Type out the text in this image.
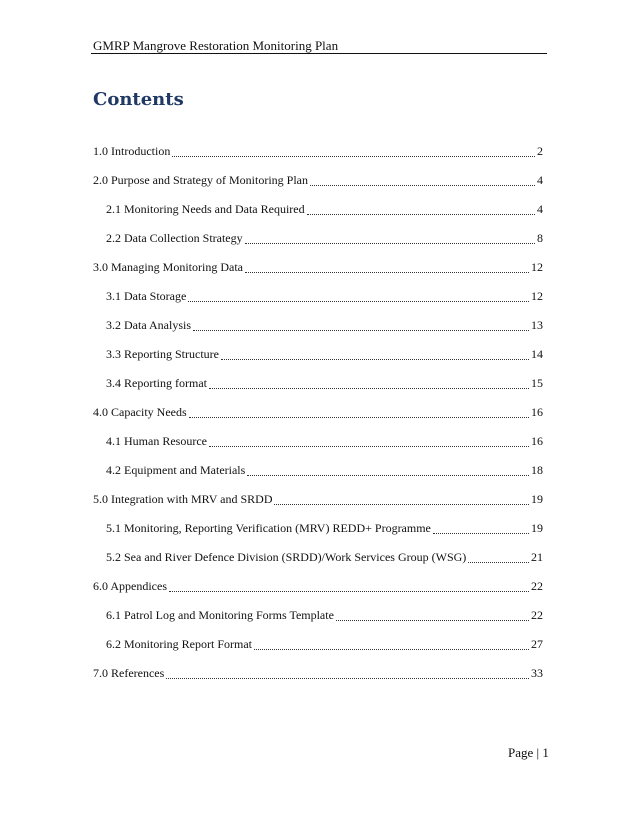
GMRP Mangrove Restoration Monitoring Plan
Contents
1.0 Introduction	2
2.0 Purpose and Strategy of Monitoring Plan	4
2.1 Monitoring Needs and Data Required	4
2.2 Data Collection Strategy	8
3.0 Managing Monitoring Data	12
3.1 Data Storage	12
3.2 Data Analysis	13
3.3 Reporting Structure	14
3.4 Reporting format	15
4.0 Capacity Needs	16
4.1 Human Resource	16
4.2 Equipment and Materials	18
5.0 Integration with MRV and SRDD	19
5.1 Monitoring, Reporting Verification (MRV) REDD+ Programme	19
5.2 Sea and River Defence Division (SRDD)/Work Services Group (WSG)	21
6.0 Appendices	22
6.1 Patrol Log and Monitoring Forms Template	22
6.2 Monitoring Report Format	27
7.0 References	33
Page | 1
